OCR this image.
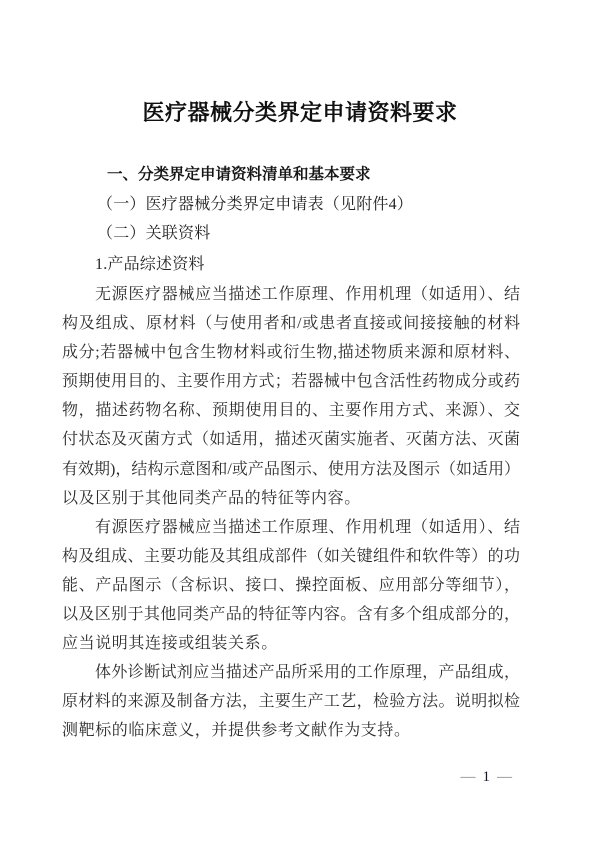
医疗器械分类界定申请资料要求
一、分类界定申请资料清单和基本要求
（一）医疗器械分类界定申请表（见附件4）
（二）关联资料
1.产品综述资料
无源医疗器械应当描述工作原理、作用机理（如适用）、结
构及组成、原材料（与使用者和/或患者直接或间接接触的材料
成分;若器械中包含生物材料或衍生物,描述物质来源和原材料、
预期使用目的、主要作用方式；若器械中包含活性药物成分或药
物，描述药物名称、预期使用目的、主要作用方式、来源）、交
付状态及灭菌方式（如适用，描述灭菌实施者、灭菌方法、灭菌
有效期)，结构示意图和/或产品图示、使用方法及图示（如适用）
以及区别于其他同类产品的特征等内容。
有源医疗器械应当描述工作原理、作用机理（如适用）、结
构及组成、主要功能及其组成部件（如关键组件和软件等）的功
能、产品图示（含标识、接口、操控面板、应用部分等细节），
以及区别于其他同类产品的特征等内容。含有多个组成部分的，
应当说明其连接或组装关系。
体外诊断试剂应当描述产品所采用的工作原理，产品组成，
原材料的来源及制备方法，主要生产工艺，检验方法。说明拟检
测靶标的临床意义，并提供参考文献作为支持。
— 1 —
